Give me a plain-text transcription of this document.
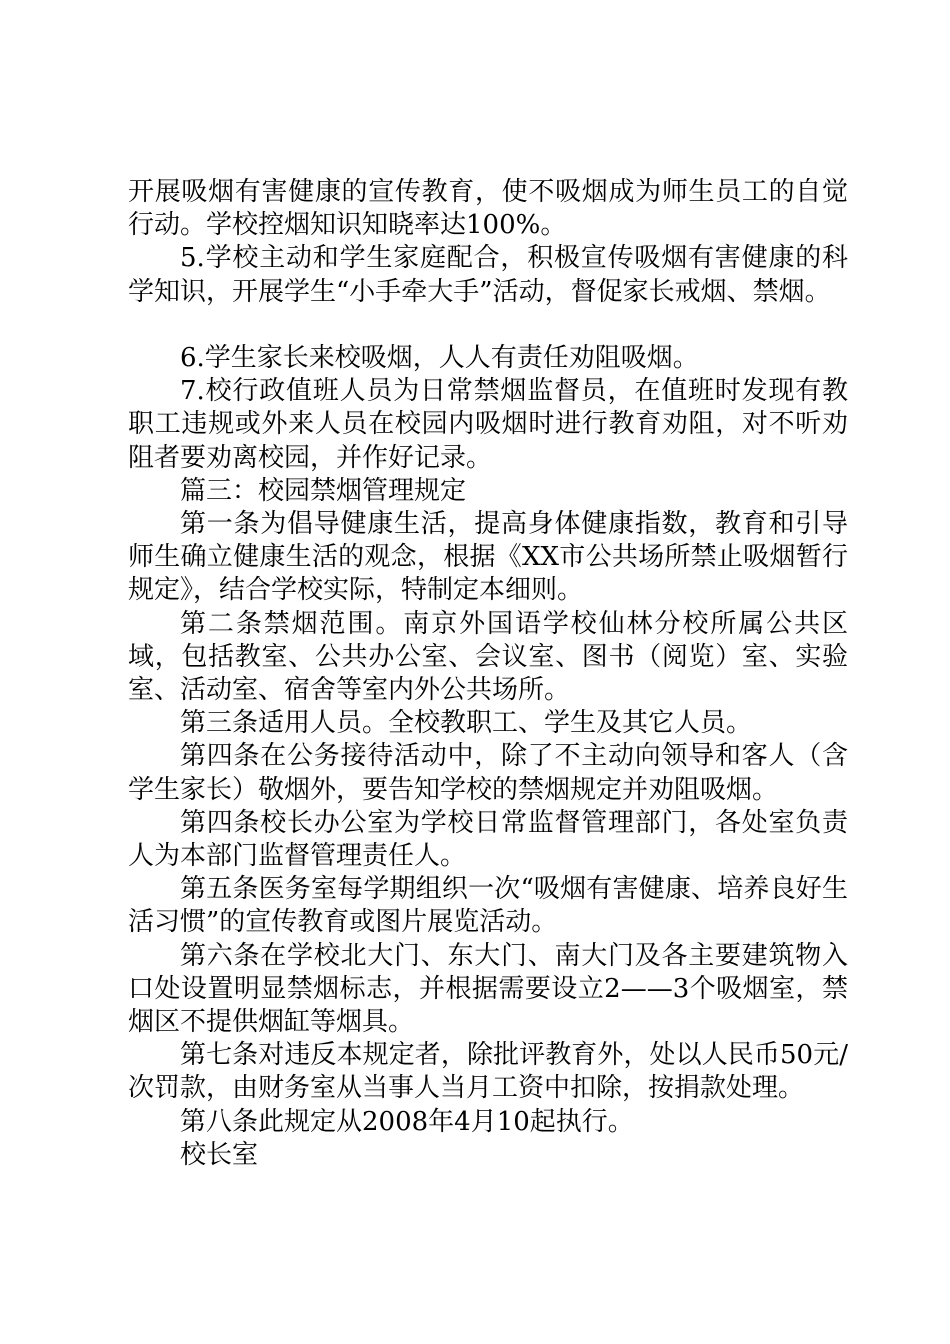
开展吸烟有害健康的宣传教育，使不吸烟成为师生员工的自觉行动。学校控烟知识知晓率达100%。

5.学校主动和学生家庭配合，积极宣传吸烟有害健康的科学知识，开展学生“小手牵大手”活动，督促家长戒烟、禁烟。

6.学生家长来校吸烟，人人有责任劝阻吸烟。

7.校行政值班人员为日常禁烟监督员，在值班时发现有教职工违规或外来人员在校园内吸烟时进行教育劝阻，对不听劝阻者要劝离校园，并作好记录。

篇三：校园禁烟管理规定

第一条为倡导健康生活，提高身体健康指数，教育和引导师生确立健康生活的观念，根据《XX市公共场所禁止吸烟暂行规定》，结合学校实际，特制定本细则。

第二条禁烟范围。南京外国语学校仙林分校所属公共区域，包括教室、公共办公室、会议室、图书（阅览）室、实验室、活动室、宿舍等室内外公共场所。

第三条适用人员。全校教职工、学生及其它人员。

第四条在公务接待活动中，除了不主动向领导和客人（含学生家长）敬烟外，要告知学校的禁烟规定并劝阻吸烟。

第四条校长办公室为学校日常监督管理部门，各处室负责人为本部门监督管理责任人。

第五条医务室每学期组织一次“吸烟有害健康、培养良好生活习惯”的宣传教育或图片展览活动。

第六条在学校北大门、东大门、南大门及各主要建筑物入口处设置明显禁烟标志，并根据需要设立2——3个吸烟室，禁烟区不提供烟缸等烟具。

第七条对违反本规定者，除批评教育外，处以人民币50元/次罚款，由财务室从当事人当月工资中扣除，按捐款处理。

第八条此规定从2008年4月10起执行。

校长室
